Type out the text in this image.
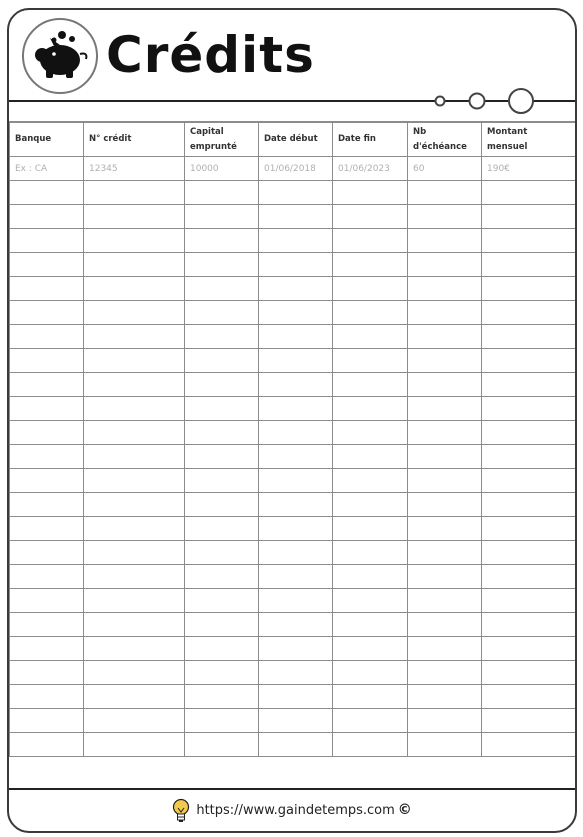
Crédits
Banque	N° crédit	Capital emprunté	Date début	Date fin	Nb d'échéance	Montant mensuel
Ex : CA	12345	10000	01/06/2018	01/06/2023	60	190€

https://www.gaindetemps.com ©
